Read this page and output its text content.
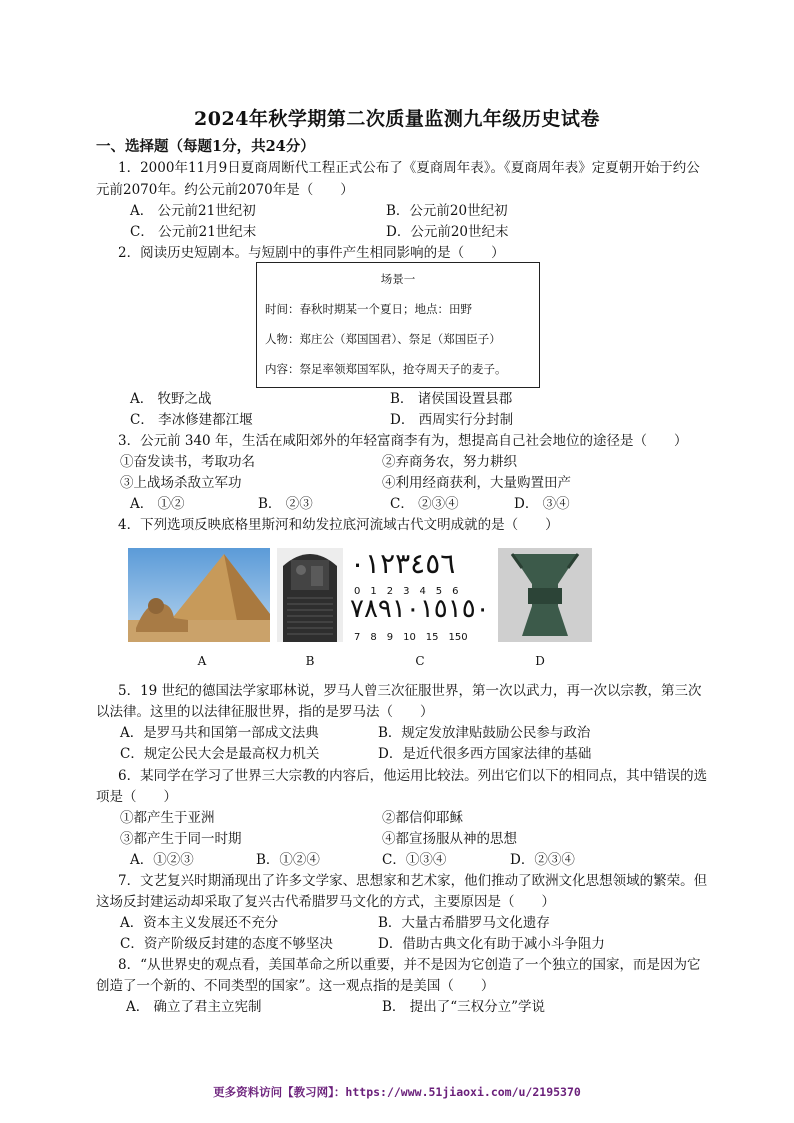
2024年秋学期第二次质量监测九年级历史试卷
一、选择题（每题1分，共24分）
1．2000年11月9日夏商周断代工程正式公布了《夏商周年表》。《夏商周年表》定夏朝开始于约公
元前2070年。约公元前2070年是（　　）
A． 公元前21世纪初	B．公元前20世纪初
C． 公元前21世纪末	D．公元前20世纪末
2．阅读历史短剧本。与短剧中的事件产生相同影响的是（　　）
场景一
时间：春秋时期某一个夏日；地点：田野
人物：郑庄公（郑国国君）、祭足（郑国臣子）
内容：祭足率领郑国军队，抢夺周天子的麦子。
A． 牧野之战	B． 诸侯国设置县郡
C． 李冰修建都江堰	D． 西周实行分封制
3．公元前 340 年，生活在咸阳郊外的年轻富商李有为，想提高自己社会地位的途径是（　　）
①奋发读书，考取功名	②弃商务农，努力耕织
③上战场杀敌立军功	④利用经商获利，大量购置田产
A． ①②	B． ②③	C． ②③④	D． ③④
4．下列选项反映底格里斯河和幼发拉底河流域古代文明成就的是（　　）
٠١٢٣٤٥٦
0　1　2　3　4　5　6
٧٨٩١٠١٥١٥٠
7　8　9　10　15　150
A	B	C	D
5．19 世纪的德国法学家耶林说，罗马人曾三次征服世界，第一次以武力，再一次以宗教，第三次
以法律。这里的以法律征服世界，指的是罗马法（　　）
A．是罗马共和国第一部成文法典	B．规定发放津贴鼓励公民参与政治
C．规定公民大会是最高权力机关	D．是近代很多西方国家法律的基础
6．某同学在学习了世界三大宗教的内容后，他运用比较法。列出它们以下的相同点，其中错误的选
项是（　　）
①都产生于亚洲	②都信仰耶稣
③都产生于同一时期	④都宣扬服从神的思想
A．①②③	B．①②④	C．①③④	D．②③④
7．文艺复兴时期涌现出了许多文学家、思想家和艺术家，他们推动了欧洲文化思想领域的繁荣。但
这场反封建运动却采取了复兴古代希腊罗马文化的方式，主要原因是（　　）
A．资本主义发展还不充分	B．大量古希腊罗马文化遗存
C．资产阶级反封建的态度不够坚决	D．借助古典文化有助于减小斗争阻力
8．“从世界史的观点看，美国革命之所以重要，并不是因为它创造了一个独立的国家，而是因为它
创造了一个新的、不同类型的国家”。这一观点指的是美国（　　）
A． 确立了君主立宪制	B． 提出了“三权分立”学说
更多资料访问【教习网】：https://www.51jiaoxi.com/u/2195370
